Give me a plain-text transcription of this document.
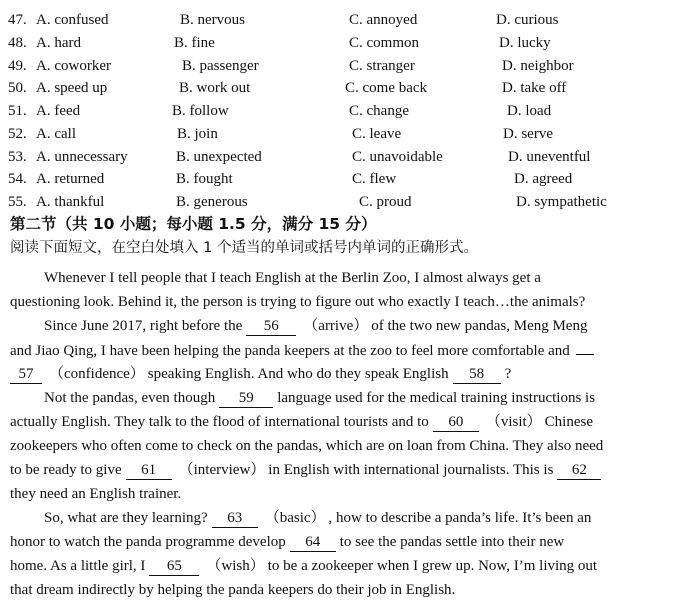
47. A. confused	B. nervous	C. annoyed	D. curious
48. A. hard	B. fine	C. common	D. lucky
49. A. coworker	B. passenger	C. stranger	D. neighbor
50. A. speed up	B. work out	C. come back	D. take off
51. A. feed	B. follow	C. change	D. load
52. A. call	B. join	C. leave	D. serve
53. A. unnecessary	B. unexpected	C. unavoidable	D. uneventful
54. A. returned	B. fought	C. flew	D. agreed
55. A. thankful	B. generous	C. proud	D. sympathetic
第二节（共 10 小题；每小题 1.5 分，满分 15 分）
阅读下面短文，在空白处填入 1 个适当的单词或括号内单词的正确形式。
Whenever I tell people that I teach English at the Berlin Zoo, I almost always get a
questioning look. Behind it, the person is trying to figure out who exactly I teach…the animals?
Since June 2017, right before the 56 （arrive） of the two new pandas, Meng Meng
and Jiao Qing, I have been helping the panda keepers at the zoo to feel more comfortable and
57 （confidence） speaking English. And who do they speak English 58 ?
Not the pandas, even though 59 language used for the medical training instructions is
actually English. They talk to the flood of international tourists and to 60 （visit） Chinese
zookeepers who often come to check on the pandas, which are on loan from China. They also need
to be ready to give 61 （interview） in English with international journalists. This is 62
they need an English trainer.
So, what are they learning? 63 （basic） , how to describe a panda’s life. It’s been an
honor to watch the panda programme develop 64 to see the pandas settle into their new
home. As a little girl, I 65 （wish） to be a zookeeper when I grew up. Now, I’m living out
that dream indirectly by helping the panda keepers do their job in English.
